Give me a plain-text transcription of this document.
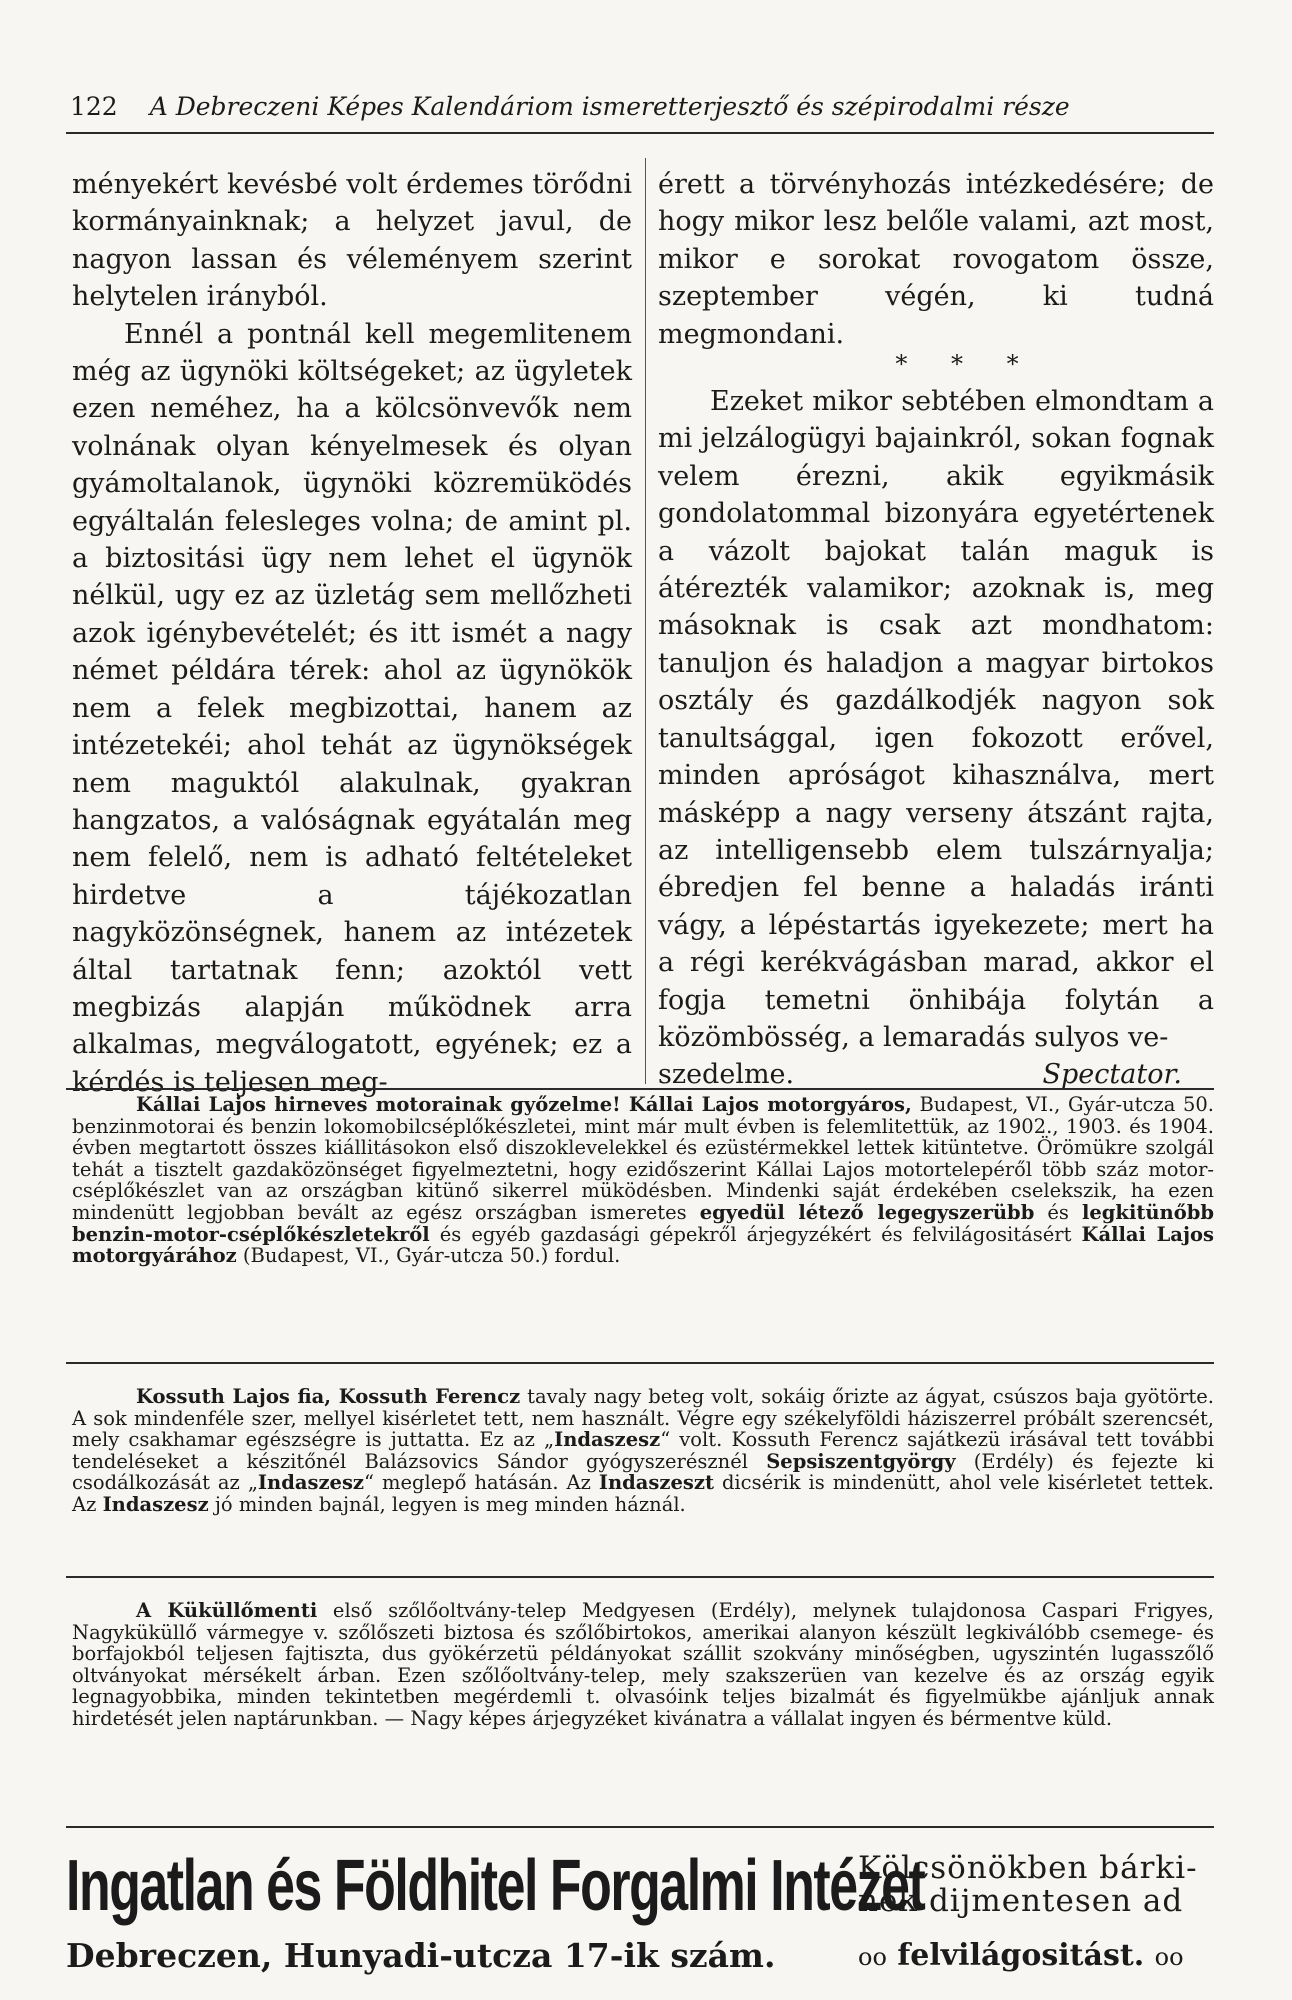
122 A Debreczeni Képes Kalendáriom ismeretterjesztő és szépirodalmi része

ményekért kevésbé volt érdemes törődni kormányainknak; a helyzet javul, de nagyon lassan és véleményem szerint helytelen irányból.

Ennél a pontnál kell megemlitenem még az ügynöki költségeket; az ügyletek ezen neméhez, ha a kölcsönvevők nem volnának olyan kényelmesek és olyan gyámoltalanok, ügynöki közremüködés egyáltalán felesleges volna; de amint pl. a biztositási ügy nem lehet el ügynök nélkül, ugy ez az üzletág sem mellőzheti azok igénybevételét; és itt ismét a nagy német példára térek: ahol az ügynökök nem a felek megbizottai, hanem az intézetekéi; ahol tehát az ügynökségek nem maguktól alakulnak, gyakran hangzatos, a valóságnak egyátalán meg nem felelő, nem is adható feltételeket hirdetve a tájékozatlan nagyközönségnek, hanem az intézetek által tartatnak fenn; azoktól vett megbizás alapján működnek arra alkalmas, megválogatott, egyének; ez a kérdés is teljesen meg-

érett a törvényhozás intézkedésére; de hogy mikor lesz belőle valami, azt most, mikor e sorokat rovogatom össze, szeptember végén, ki tudná megmondani.

* * *

Ezeket mikor sebtében elmondtam a mi jelzálogügyi bajainkról, sokan fognak velem érezni, akik egyikmásik gondolatommal bizonyára egyetértenek a vázolt bajokat talán maguk is átérezték valamikor; azoknak is, meg másoknak is csak azt mondhatom: tanuljon és haladjon a magyar birtokos osztály és gazdálkodjék nagyon sok tanultsággal, igen fokozott erővel, minden apróságot kihasználva, mert másképp a nagy verseny átszánt rajta, az intelligensebb elem tulszárnyalja; ébredjen fel benne a haladás iránti vágy, a lépéstartás igyekezete; mert ha a régi kerékvágásban marad, akkor el fogja temetni önhibája folytán a közömbösség, a lemaradás sulyos ve-

szedelme.	Spectator.

Kállai Lajos hirneves motorainak győzelme! Kállai Lajos motorgyáros, Budapest, VI., Gyár-utcza 50. benzinmotorai és benzin lokomobilcséplőkészletei, mint már mult évben is felemlitettük, az 1902., 1903. és 1904. évben megtartott összes kiállitásokon első diszoklevelekkel és ezüstérmekkel lettek kitüntetve. Örömükre szolgál tehát a tisztelt gazdaközönséget figyelmeztetni, hogy ezidőszerint Kállai Lajos motortelepéről több száz motor-cséplőkészlet van az országban kitünő sikerrel müködésben. Mindenki saját érdekében cselekszik, ha ezen mindenütt legjobban bevált az egész országban ismeretes egyedül létező legegyszerübb és legkitünőbb benzin-motor-cséplőkészletekről és egyéb gazdasági gépekről árjegyzékért és felvilágositásért Kállai Lajos motorgyárához (Budapest, VI., Gyár-utcza 50.) fordul.

Kossuth Lajos fia, Kossuth Ferencz tavaly nagy beteg volt, sokáig őrizte az ágyat, csúszos baja gyötörte. A sok mindenféle szer, mellyel kisérletet tett, nem használt. Végre egy székelyföldi háziszerrel próbált szerencsét, mely csakhamar egészségre is juttatta. Ez az „Indaszesz“ volt. Kossuth Ferencz sajátkezü irásával tett további tendeléseket a készitőnél Balázsovics Sándor gyógyszerésznél Sepsiszentgyörgy (Erdély) és fejezte ki csodálkozását az „Indaszesz“ meglepő hatásán. Az Indaszeszt dicsérik is mindenütt, ahol vele kisérletet tettek. Az Indaszesz jó minden bajnál, legyen is meg minden háznál.

A Küküllőmenti első szőlőoltvány-telep Medgyesen (Erdély), melynek tulajdonosa Caspari Frigyes, Nagyküküllő vármegye v. szőlőszeti biztosa és szőlőbirtokos, amerikai alanyon készült legkiválóbb csemege- és borfajokból teljesen fajtiszta, dus gyökérzetü példányokat szállit szokvány minőségben, ugyszintén lugasszőlő oltványokat mérsékelt árban. Ezen szőlőoltvány-telep, mely szakszerüen van kezelve és az ország egyik legnagyobbika, minden tekintetben megérdemli t. olvasóink teljes bizalmát és figyelmükbe ajánljuk annak hirdetését jelen naptárunkban. — Nagy képes árjegyzéket kivánatra a vállalat ingyen és bérmentve küld.

Ingatlan és Földhitel Forgalmi Intézet
Kölcsönökben bárki-nek dijmentesen ad
Debreczen, Hunyadi-utcza 17-ik szám.	oo felvilágositást. oo
